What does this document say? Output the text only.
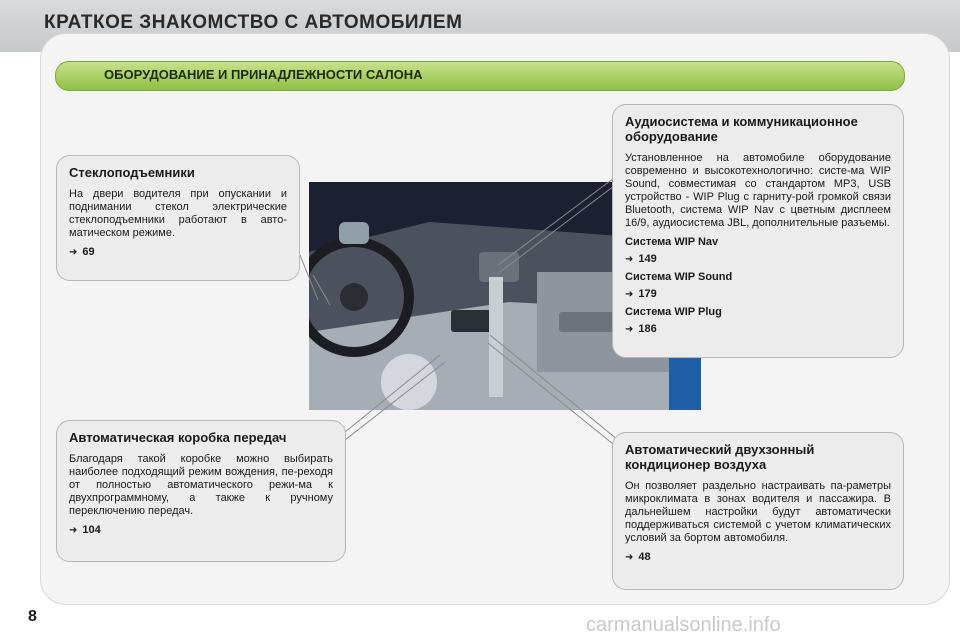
КРАТКОЕ ЗНАКОМСТВО С АВТОМОБИЛЕМ
ОБОРУДОВАНИЕ И ПРИНАДЛЕЖНОСТИ САЛОНА
Стеклоподъемники

На двери водителя при опускании и поднимании стекол электрические стеклоподъемники работают в авто-матическом режиме.

➜ 69
Автоматическая коробка передач

Благодаря такой коробке можно выбирать наиболее подходящий режим вождения, пе-реходя от полностью автоматического режи-ма к двухпрограммному, а также к ручному переключению передач.

➜ 104
Аудиосистема и коммуникационное оборудование

Установленное на автомобиле оборудование современно и высокотехнологично: систе-ма WIP Sound, совместимая со стандартом MP3, USB устройство - WIP Plug с гарниту-рой громкой связи Bluetooth, система WIP Nav с цветным дисплеем 16/9, аудиосистема JBL, дополнительные разъемы.

Система WIP Nav
➜ 149
Система WIP Sound
➜ 179
Система WIP Plug
➜ 186
Автоматический двухзонный кондиционер воздуха

Он позволяет раздельно настраивать па-раметры микроклимата в зонах водителя и пассажира. В дальнейшем настройки будут автоматически поддерживаться системой с учетом климатических условий за бортом автомобиля.

➜ 48
8	carmanualsonline.info
